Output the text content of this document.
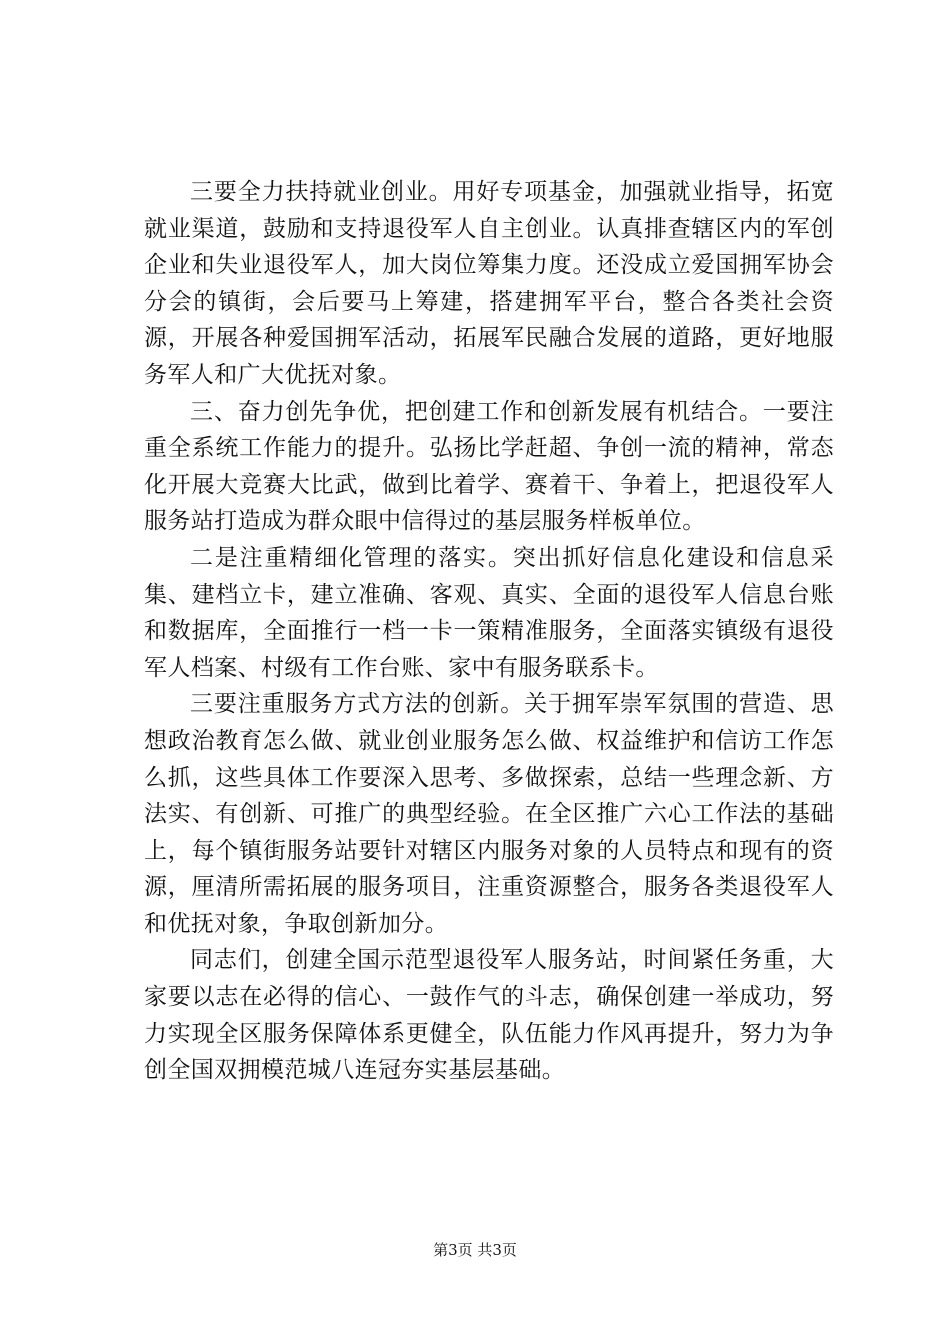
三要全力扶持就业创业。用好专项基金，加强就业指导，拓宽就业渠道，鼓励和支持退役军人自主创业。认真排查辖区内的军创企业和失业退役军人，加大岗位筹集力度。还没成立爱国拥军协会分会的镇街，会后要马上筹建，搭建拥军平台，整合各类社会资源，开展各种爱国拥军活动，拓展军民融合发展的道路，更好地服务军人和广大优抚对象。

三、奋力创先争优，把创建工作和创新发展有机结合。一要注重全系统工作能力的提升。弘扬比学赶超、争创一流的精神，常态化开展大竞赛大比武，做到比着学、赛着干、争着上，把退役军人服务站打造成为群众眼中信得过的基层服务样板单位。

二是注重精细化管理的落实。突出抓好信息化建设和信息采集、建档立卡，建立准确、客观、真实、全面的退役军人信息台账和数据库，全面推行一档一卡一策精准服务，全面落实镇级有退役军人档案、村级有工作台账、家中有服务联系卡。

三要注重服务方式方法的创新。关于拥军崇军氛围的营造、思想政治教育怎么做、就业创业服务怎么做、权益维护和信访工作怎么抓，这些具体工作要深入思考、多做探索，总结一些理念新、方法实、有创新、可推广的典型经验。在全区推广六心工作法的基础上，每个镇街服务站要针对辖区内服务对象的人员特点和现有的资源，厘清所需拓展的服务项目，注重资源整合，服务各类退役军人和优抚对象，争取创新加分。

同志们，创建全国示范型退役军人服务站，时间紧任务重，大家要以志在必得的信心、一鼓作气的斗志，确保创建一举成功，努力实现全区服务保障体系更健全，队伍能力作风再提升，努力为争创全国双拥模范城八连冠夯实基层基础。

第3页 共3页
